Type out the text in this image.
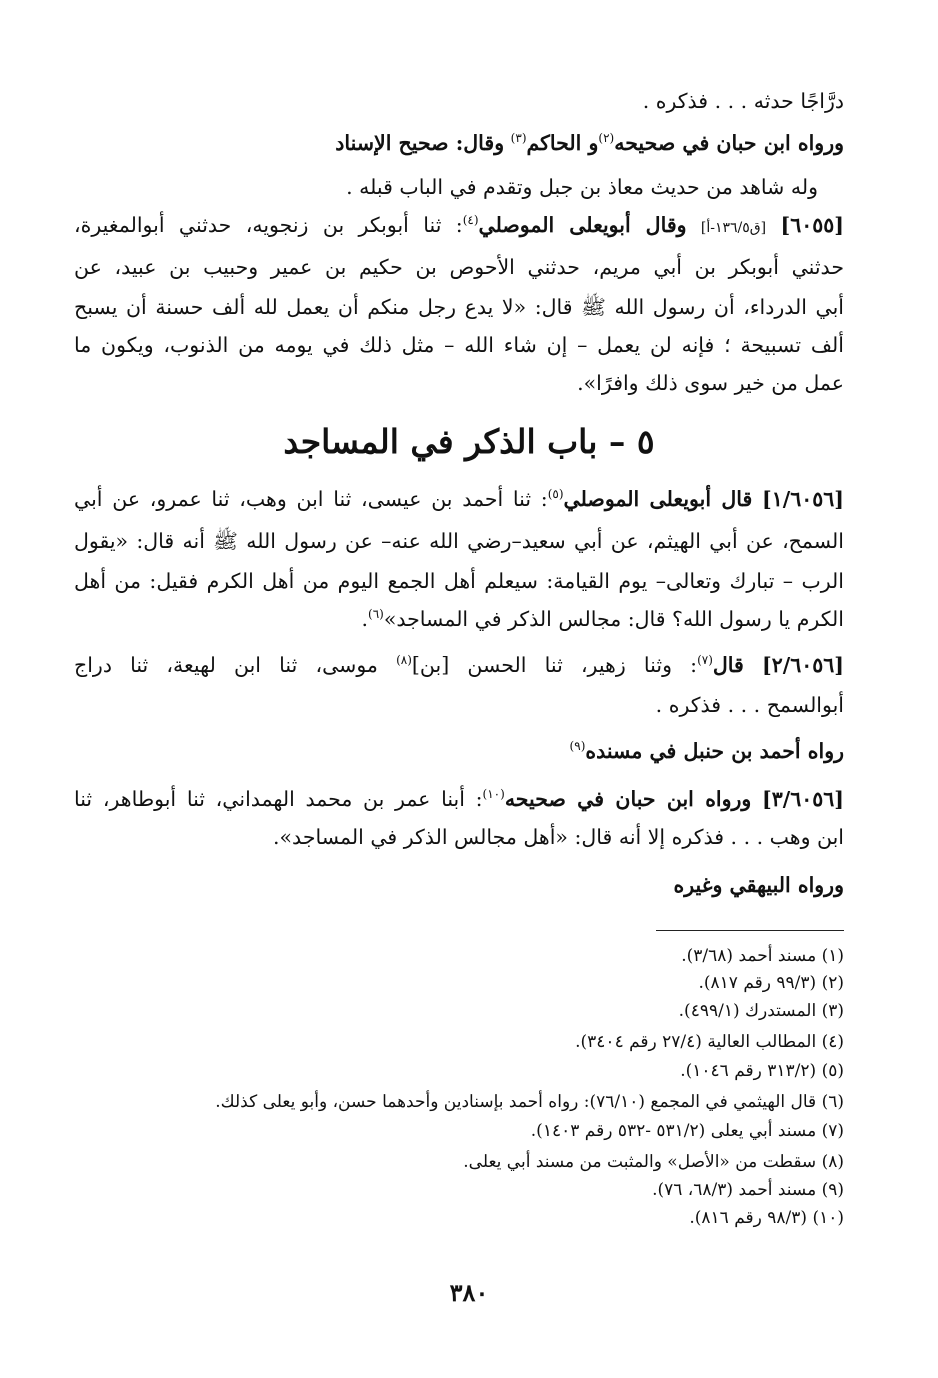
درَّاجًا حدثه . . . فذكره .
ورواه ابن حبان في صحيحه$^{(٢)}$و الحاكم$^{(٣)}$ وقال: صحيح الإسناد
وله شاهد من حديث معاذ بن جبل وتقدم في الباب قبله .
[٦٠٥٥] [ق١٣٦/٥-أ] وقال أبويعلى الموصلي$^{(٤)}$: ثنا أبوبكر بن زنجويه، حدثني أبوالمغيرة،
حدثني أبوبكر بن أبي مريم، حدثني الأحوص بن حكيم بن عمير وحبيب بن عبيد، عن
أبي الدرداء، أن رسول الله ﷺ قال: «لا يدع رجل منكم أن يعمل لله ألف حسنة أن يسبح
ألف تسبيحة ؛ فإنه لن يعمل – إن شاء الله – مثل ذلك في يومه من الذنوب، ويكون ما
عمل من خير سوى ذلك وافرًا».
٥ – باب الذكر في المساجد
[١/٦٠٥٦] قال أبويعلى الموصلي$^{(٥)}$: ثنا أحمد بن عيسى، ثنا ابن وهب، ثنا عمرو، عن أبي
السمح، عن أبي الهيثم، عن أبي سعيد–رضي الله عنه– عن رسول الله ﷺ أنه قال: «يقول
الرب – تبارك وتعالى– يوم القيامة: سيعلم أهل الجمع اليوم من أهل الكرم فقيل: من أهل
الكرم يا رسول الله؟ قال: مجالس الذكر في المساجد»$^{(٦)}$.
[٢/٦٠٥٦] قال$^{(٧)}$: وثنا زهير، ثنا الحسن [بن]$^{(٨)}$ موسى، ثنا ابن لهيعة، ثنا دراج
أبوالسمح . . . فذكره .
رواه أحمد بن حنبل في مسنده$^{(٩)}$
[٣/٦٠٥٦] ورواه ابن حبان في صحيحه$^{(١٠)}$: أبنا عمر بن محمد الهمداني، ثنا أبوطاهر، ثنا
ابن وهب . . . فذكره إلا أنه قال: «أهل مجالس الذكر في المساجد».
ورواه البيهقي وغيره
(١) مسند أحمد (٣/٦٨).
(٢) (٩٩/٣ رقم ٨١٧).
(٣) المستدرك (٤٩٩/١).
(٤) المطالب العالية (٢٧/٤ رقم ٣٤٠٤).
(٥) (٣١٣/٢ رقم ١٠٤٦).
(٦) قال الهيثمي في المجمع (٧٦/١٠): رواه أحمد بإسنادين وأحدهما حسن، وأبو يعلى كذلك.
(٧) مسند أبي يعلى (٥٣١/٢ -٥٣٢ رقم ١٤٠٣).
(٨) سقطت من «الأصل» والمثبت من مسند أبي يعلى.
(٩) مسند أحمد (٦٨/٣، ٧٦).
(١٠) (٩٨/٣ رقم ٨١٦).
٣٨٠
